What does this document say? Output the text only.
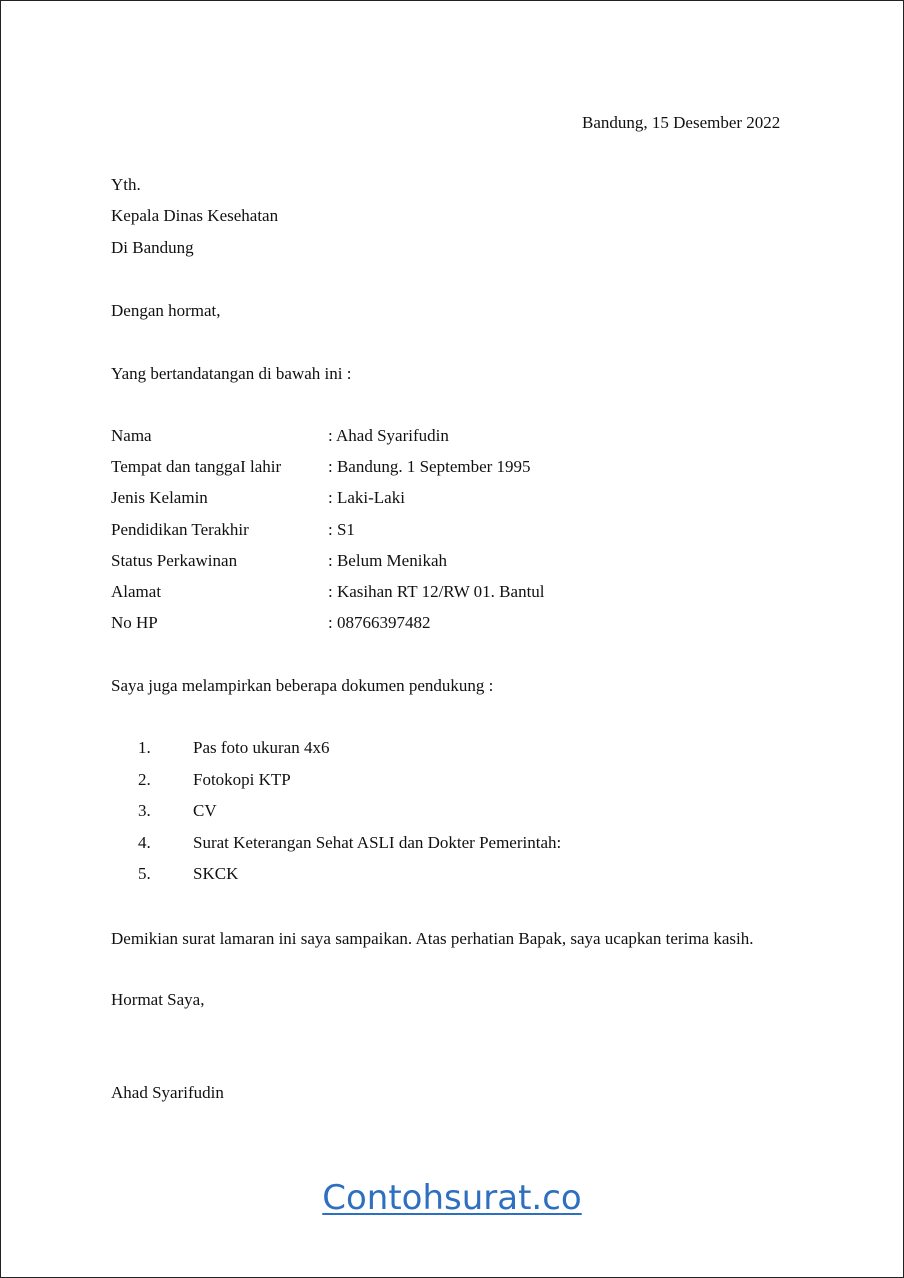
Bandung, 15 Desember 2022
Yth.
Kepala Dinas Kesehatan
Di Bandung
Dengan hormat,
Yang bertandatangan di bawah ini :
Nama	: Ahad Syarifudin
Tempat dan tanggaI lahir	: Bandung. 1 September 1995
Jenis Kelamin	: Laki-Laki
Pendidikan Terakhir	: S1
Status Perkawinan	: Belum Menikah
Alamat	: Kasihan RT 12/RW 01. Bantul
No HP	: 08766397482
Saya juga melampirkan beberapa dokumen pendukung :
1. Pas foto ukuran 4x6
2. Fotokopi KTP
3. CV
4. Surat Keterangan Sehat ASLI dan Dokter Pemerintah:
5. SKCK
Demikian surat lamaran ini saya sampaikan. Atas perhatian Bapak, saya ucapkan terima kasih.
Hormat Saya,
Ahad Syarifudin
Contohsurat.co
